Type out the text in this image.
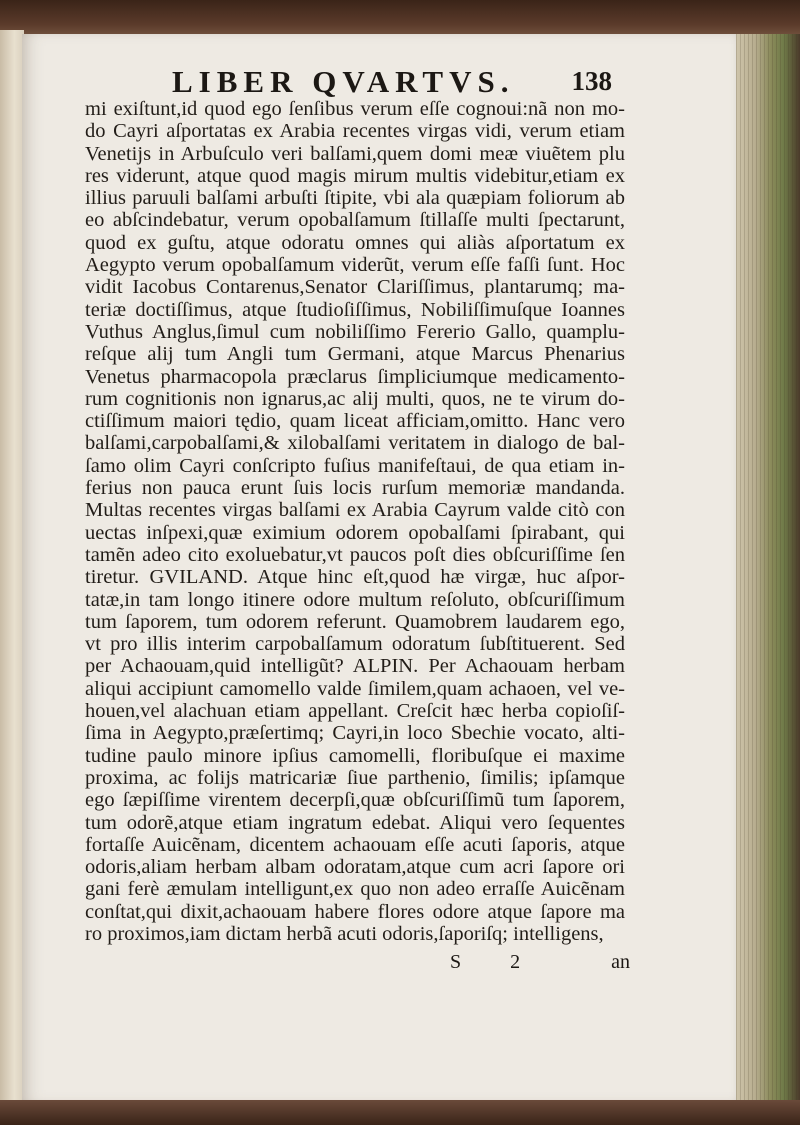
LIBER QVARTVS. 138
mi exiſtunt,id quod ego ſenſibus verum eſſe cognoui:nã non mo-
do Cayri aſportatas ex Arabia recentes virgas vidi, verum etiam
Venetijs in Arbuſculo veri balſami,quem domi meæ viuẽtem plu
res viderunt, atque quod magis mirum multis videbitur,etiam ex
illius paruuli balſami arbuſti ſtipite, vbi ala quæpiam foliorum ab
eo abſcindebatur, verum opobalſamum ſtillaſſe multi ſpectarunt,
quod ex guſtu, atque odoratu omnes qui aliàs aſportatum ex
Aegypto verum opobalſamum viderũt, verum eſſe faſſi ſunt. Hoc
vidit Iacobus Contarenus,Senator Clariſſimus, plantarumq; ma-
teriæ doctiſſimus, atque ſtudioſiſſimus, Nobiliſſimuſque Ioannes
Vuthus Anglus,ſimul cum nobiliſſimo Fererio Gallo, quamplu-
reſque alij tum Angli tum Germani, atque Marcus Phenarius
Venetus pharmacopola præclarus ſimpliciumque medicamento-
rum cognitionis non ignarus,ac alij multi, quos, ne te virum do-
ctiſſimum maiori tędio, quam liceat afficiam,omitto. Hanc vero
balſami,carpobalſami,& xilobalſami veritatem in dialogo de bal-
ſamo olim Cayri conſcripto fuſius manifeſtaui, de qua etiam in-
ferius non pauca erunt ſuis locis rurſum memoriæ mandanda.
Multas recentes virgas balſami ex Arabia Cayrum valde citò con
uectas inſpexi,quæ eximium odorem opobalſami ſpirabant, qui
tamẽn adeo cito exoluebatur,vt paucos poſt dies obſcuriſſime ſen
tiretur. GVILAND. Atque hinc eſt,quod hæ virgæ, huc aſpor-
tatæ,in tam longo itinere odore multum reſoluto, obſcuriſſimum
tum ſaporem, tum odorem referunt. Quamobrem laudarem ego,
vt pro illis interim carpobalſamum odoratum ſubſtituerent. Sed
per Achaouam,quid intelligũt? ALPIN. Per Achaouam herbam
aliqui accipiunt camomello valde ſimilem,quam achaoen, vel ve-
houen,vel alachuan etiam appellant. Creſcit hæc herba copioſiſ-
ſima in Aegypto,præſertimq; Cayri,in loco Sbechie vocato, alti-
tudine paulo minore ipſius camomelli, floribuſque ei maxime
proxima, ac folijs matricariæ ſiue parthenio, ſimilis; ipſamque
ego ſæpiſſime virentem decerpſi,quæ obſcuriſſimũ tum ſaporem,
tum odorẽ,atque etiam ingratum edebat. Aliqui vero ſequentes
fortaſſe Auicẽnam, dicentem achaouam eſſe acuti ſaporis, atque
odoris,aliam herbam albam odoratam,atque cum acri ſapore ori
gani ferè æmulam intelligunt,ex quo non adeo erraſſe Auicẽnam
conſtat,qui dixit,achaouam habere flores odore atque ſapore ma
ro proximos,iam dictam herbã acuti odoris,ſaporiſq; intelligens,
S 2	an
